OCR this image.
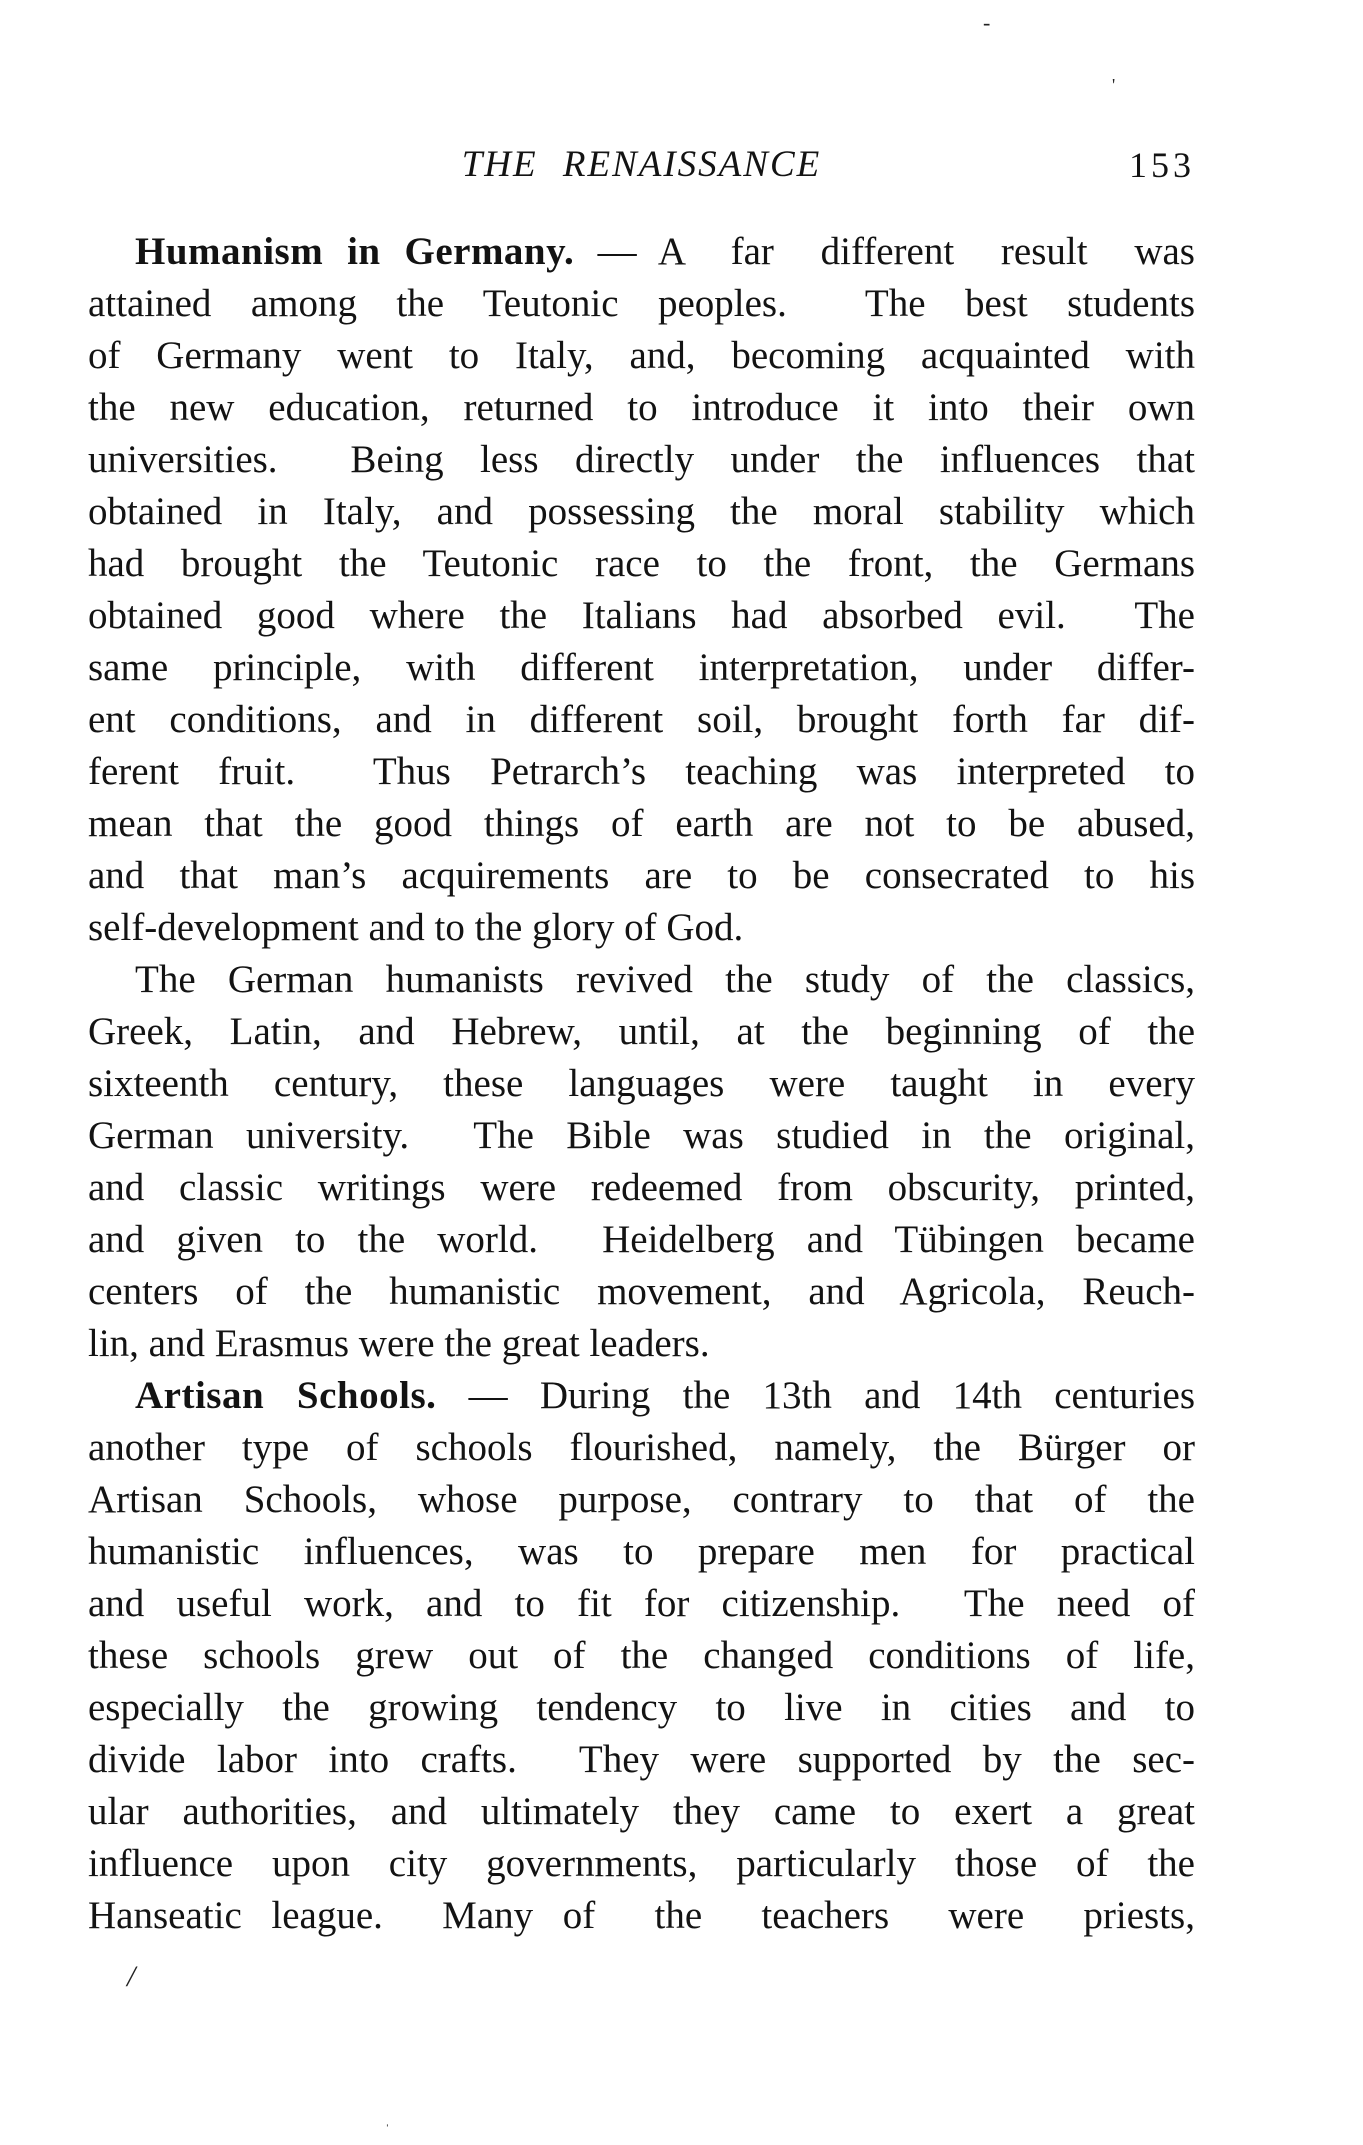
THE RENAISSANCE	153
Humanism in Germany. — A  far  different  result  was
attained among the Teutonic peoples.  The best students
of Germany went to Italy, and, becoming acquainted with
the new education, returned to introduce it into their own
universities.  Being less directly under the influences that
obtained in Italy, and possessing the moral stability which
had brought the Teutonic race to the front, the Germans
obtained good where the Italians had absorbed evil.  The
same principle, with different interpretation, under differ-
ent conditions, and in different soil, brought forth far dif-
ferent fruit.  Thus Petrarch’s teaching was interpreted to
mean that the good things of earth are not to be abused,
and that man’s acquirements are to be consecrated to his
self-development and to the glory of God.
The German humanists revived the study of the classics,
Greek, Latin, and Hebrew, until, at the beginning of the
sixteenth century, these languages were taught in every
German university.  The Bible was studied in the original,
and classic writings were redeemed from obscurity, printed,
and given to the world.  Heidelberg and Tübingen became
centers of the humanistic movement, and Agricola, Reuch-
lin, and Erasmus were the great leaders.
Artisan Schools. — During the 13th and 14th centuries
another type of schools flourished, namely, the Bürger or
Artisan Schools, whose purpose, contrary to that of the
humanistic influences, was to prepare men for practical
and useful work, and to fit for citizenship.  The need of
these schools grew out of the changed conditions of life,
especially the growing tendency to live in cities and to
divide labor into crafts.  They were supported by the sec-
ular authorities, and ultimately they came to exert a great
influence upon city governments, particularly those of the
Hanseatic league.  Many of  the  teachers  were  priests,
-
'
/
ˈ
